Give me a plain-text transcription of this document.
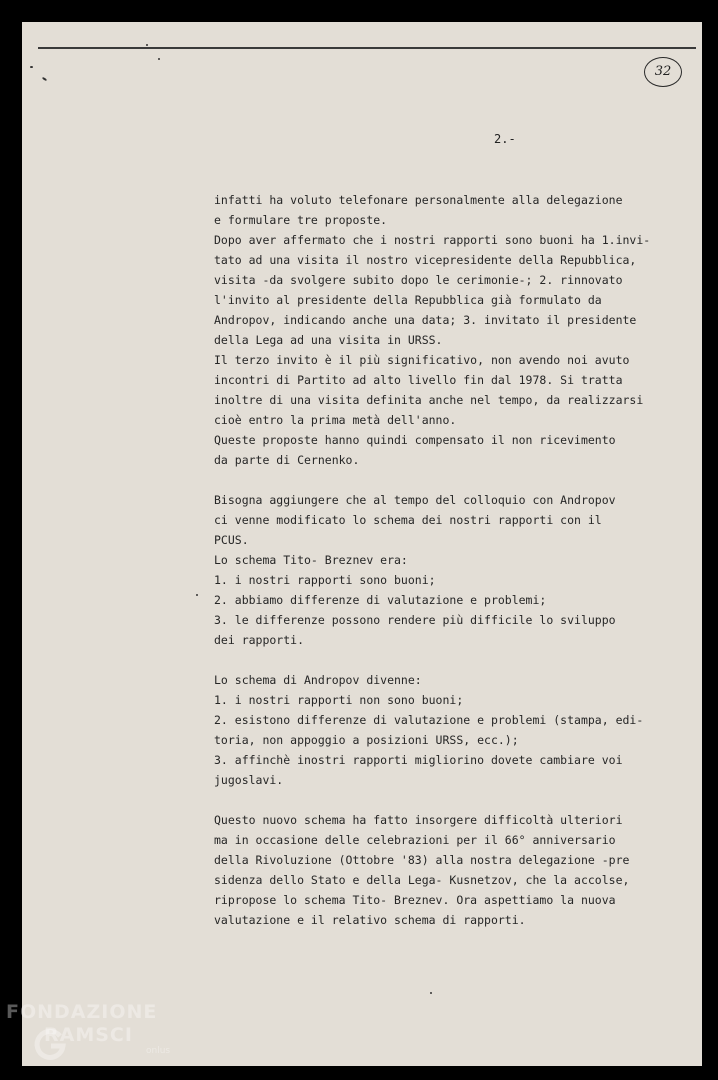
32
2.-
infatti ha voluto telefonare personalmente alla delegazione
e formulare tre proposte.
Dopo aver affermato che i nostri rapporti sono buoni ha 1.invi-
tato ad una visita il nostro vicepresidente della Repubblica,
visita -da svolgere subito dopo le cerimonie-; 2. rinnovato
l'invito al presidente della Repubblica già formulato da
Andropov, indicando anche una data; 3. invitato il presidente
della Lega ad una visita in URSS.
Il terzo invito è il più significativo, non avendo noi avuto
incontri di Partito ad alto livello fin dal 1978. Si tratta
inoltre di una visita definita anche nel tempo, da realizzarsi
cioè entro la prima metà dell'anno.
Queste proposte hanno quindi compensato il non ricevimento
da parte di Cernenko.
Bisogna aggiungere che al tempo del colloquio con Andropov
ci venne modificato lo schema dei nostri rapporti con il
PCUS.
Lo schema Tito- Breznev era:
1. i nostri rapporti sono buoni;
2. abbiamo differenze di valutazione e problemi;
3. le differenze possono rendere più difficile lo sviluppo
dei rapporti.
Lo schema di Andropov divenne:
1. i nostri rapporti non sono buoni;
2. esistono differenze di valutazione e problemi (stampa, edi-
toria, non appoggio a posizioni URSS, ecc.);
3. affinchè inostri rapporti migliorino dovete cambiare voi
jugoslavi.
Questo nuovo schema ha fatto insorgere difficoltà ulteriori
ma in occasione delle celebrazioni per il 66° anniversario
della Rivoluzione (Ottobre '83) alla nostra delegazione -pre
sidenza dello Stato e della Lega- Kusnetzov, che la accolse,
ripropose lo schema Tito- Breznev. Ora aspettiamo la nuova
valutazione e il relativo schema di rapporti.
FONDAZIONE
RAMSCI
onlus
